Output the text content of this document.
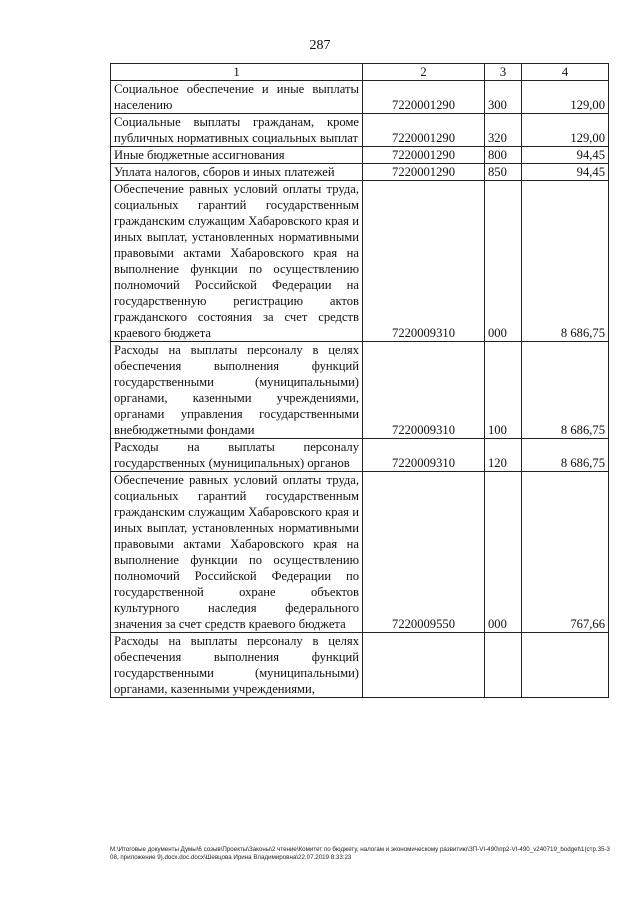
287
1	2	3	4
Социальное обеспечение и иные выплаты населению	7220001290	300	129,00
Социальные выплаты гражданам, кроме публичных нормативных социальных выплат	7220001290	320	129,00
Иные бюджетные ассигнования	7220001290	800	94,45
Уплата налогов, сборов и иных платежей	7220001290	850	94,45
Обеспечение равных условий оплаты труда, социальных гарантий государственным гражданским служащим Хабаровского края и иных выплат, установленных нормативными правовыми актами Хабаровского края на выполнение функции по осуществлению полномочий Российской Федерации на государственную регистрацию актов гражданского состояния за счет средств краевого бюджета	7220009310	000	8 686,75
Расходы на выплаты персоналу в целях обеспечения выполнения функций государственными (муниципальными) органами, казенными учреждениями, органами управления государственными внебюджетными фондами	7220009310	100	8 686,75
Расходы на выплаты персоналу государственных (муниципальных) органов	7220009310	120	8 686,75
Обеспечение равных условий оплаты труда, социальных гарантий государственным гражданским служащим Хабаровского края и иных выплат, установленных нормативными правовыми актами Хабаровского края на выполнение функции по осуществлению полномочий Российской Федерации по государственной охране объектов культурного наследия федерального значения за счет средств краевого бюджета	7220009550	000	767,66
Расходы на выплаты персоналу в целях обеспечения выполнения функций государственными (муниципальными) органами, казенными учреждениями,			
M:\Итоговые документы Думы\6 созыв\Проекты\Законы\2 чтение\Комитет по бюджету, налогам и экономическому развитию\ЗП-VI-490\пр2-VI-490_v240719_bodget\1(стр.35-308, приложение 9).docx.doc.docx\Шевцова Ирина Владимировна\22.07.2019 8:33:23
